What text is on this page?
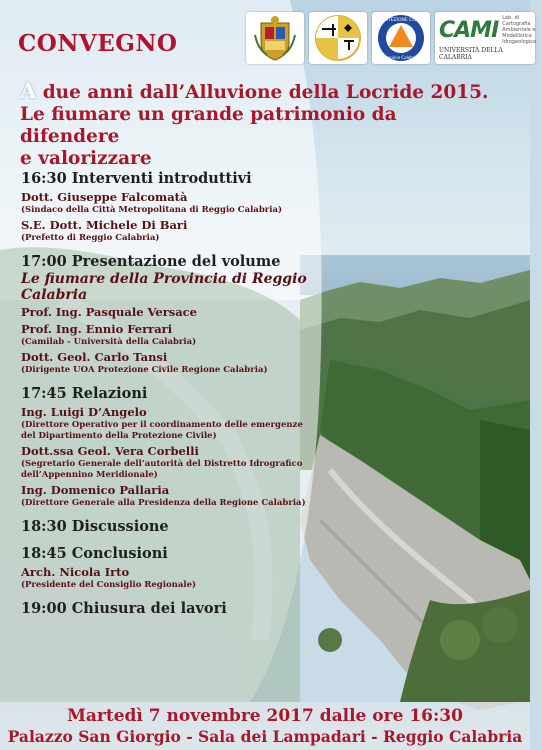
CONVEGNO
PROTEZIONE CIVILE
Regione Calabria
CAMI Lab. di Cartografia Ambientale e Modellistica Idrogeologica
UNIVERSITÀ DELLA CALABRIA
A due anni dall’Alluvione della Locride 2015.
Le fiumare un grande patrimonio da difendere
e valorizzare
16:30 Interventi introduttivi
Dott. Giuseppe Falcomatà
(Sindaco della Città Metropolitana di Reggio Calabria)
S.E. Dott. Michele Di Bari
(Prefetto di Reggio Calabria)
17:00 Presentazione del volume
Le fiumare della Provincia di Reggio Calabria
Prof. Ing. Pasquale Versace
Prof. Ing. Ennio Ferrari
(Camilab - Università della Calabria)
Dott. Geol. Carlo Tansi
(Dirigente UOA Protezione Civile Regione Calabria)
17:45 Relazioni
Ing. Luigi D’Angelo
(Direttore Operativo per il coordinamento delle emergenze del Dipartimento della Protezione Civile)
Dott.ssa Geol. Vera Corbelli
(Segretario Generale dell’autorità del Distretto Idrografico dell’Appennino Meridionale)
Ing. Domenico Pallaria
(Direttore Generale alla Presidenza della Regione Calabria)
18:30 Discussione
18:45 Conclusioni
Arch. Nicola Irto
(Presidente del Consiglio Regionale)
19:00 Chiusura dei lavori
Martedì 7 novembre 2017 dalle ore 16:30
Palazzo San Giorgio - Sala dei Lampadari - Reggio Calabria
